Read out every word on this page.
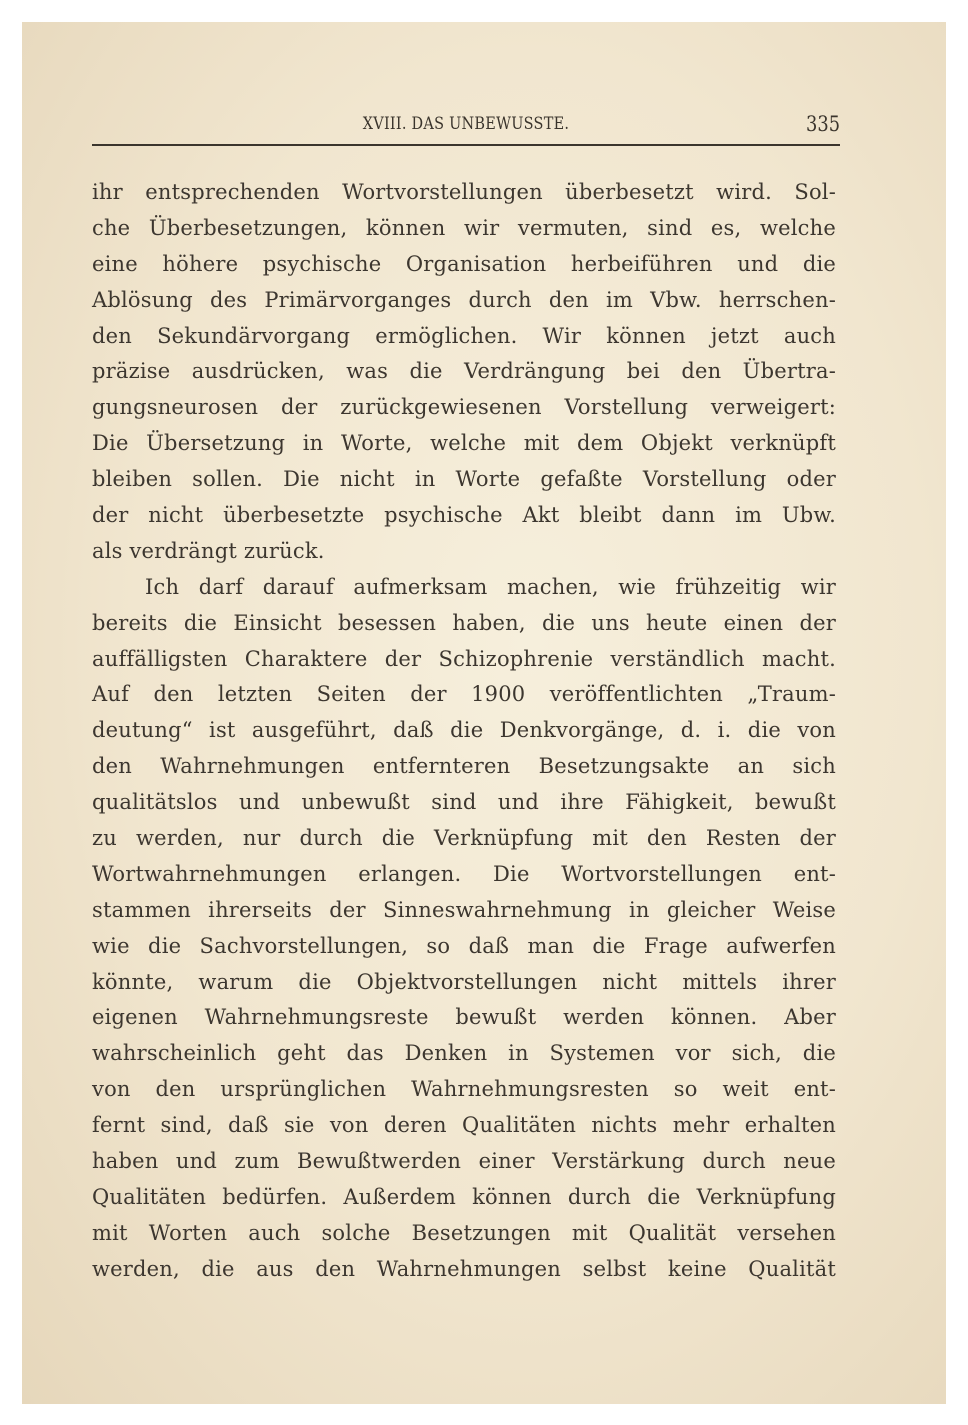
XVIII. DAS UNBEWUSSTE.	335
ihr entsprechenden Wortvorstellungen überbesetzt wird. Sol-
che Überbesetzungen, können wir vermuten, sind es, welche
eine höhere psychische Organisation herbeiführen und die
Ablösung des Primärvorganges durch den im Vbw. herrschen-
den Sekundärvorgang ermöglichen. Wir können jetzt auch
präzise ausdrücken, was die Verdrängung bei den Übertra-
gungsneurosen der zurückgewiesenen Vorstellung verweigert:
Die Übersetzung in Worte, welche mit dem Objekt verknüpft
bleiben sollen. Die nicht in Worte gefaßte Vorstellung oder
der nicht überbesetzte psychische Akt bleibt dann im Ubw.
als verdrängt zurück.
Ich darf darauf aufmerksam machen, wie frühzeitig wir
bereits die Einsicht besessen haben, die uns heute einen der
auffälligsten Charaktere der Schizophrenie verständlich macht.
Auf den letzten Seiten der 1900 veröffentlichten „Traum-
deutung“ ist ausgeführt, daß die Denkvorgänge, d. i. die von
den Wahrnehmungen entfernteren Besetzungsakte an sich
qualitätslos und unbewußt sind und ihre Fähigkeit, bewußt
zu werden, nur durch die Verknüpfung mit den Resten der
Wortwahrnehmungen erlangen. Die Wortvorstellungen ent-
stammen ihrerseits der Sinneswahrnehmung in gleicher Weise
wie die Sachvorstellungen, so daß man die Frage aufwerfen
könnte, warum die Objektvorstellungen nicht mittels ihrer
eigenen Wahrnehmungsreste bewußt werden können. Aber
wahrscheinlich geht das Denken in Systemen vor sich, die
von den ursprünglichen Wahrnehmungsresten so weit ent-
fernt sind, daß sie von deren Qualitäten nichts mehr erhalten
haben und zum Bewußtwerden einer Verstärkung durch neue
Qualitäten bedürfen. Außerdem können durch die Verknüpfung
mit Worten auch solche Besetzungen mit Qualität versehen
werden, die aus den Wahrnehmungen selbst keine Qualität
